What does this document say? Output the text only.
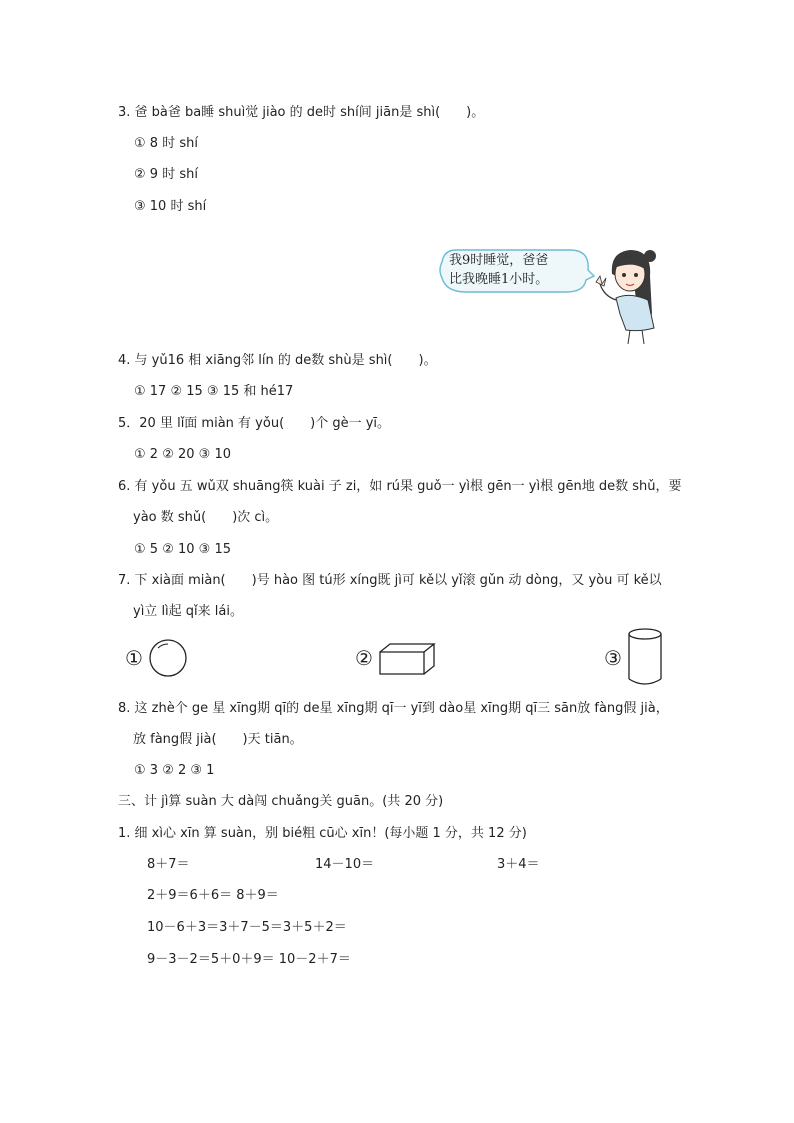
3. 爸 bà爸 ba睡 shuì觉 jiào 的 de时 shí间 jiān是 shì(　　)。
① 8 时 shí
② 9 时 shí
③ 10 时 shí
我9时睡觉，爸爸
比我晚睡1小时。
4. 与 yǔ16 相 xiāng邻 lín 的 de数 shù是 shì(　　)。
① 17 ② 15 ③ 15 和 hé17
5．20 里 lǐ面 miàn 有 yǒu(　　)个 gè一 yī。
① 2 ② 20 ③ 10
6. 有 yǒu 五 wǔ双 shuāng筷 kuài 子 zi，如 rú果 guǒ一 yì根 gēn一 yì根 gēn地 de数 shǔ，要
yào 数 shǔ(　　)次 cì。
① 5 ② 10 ③ 15
7. 下 xià面 miàn(　　)号 hào 图 tú形 xíng既 jì可 kě以 yǐ滚 gǔn 动 dòng，又 yòu 可 kě以
yì立 lì起 qǐ来 lái。
①	②	③
8. 这 zhè个 ge 星 xīng期 qī的 de星 xīng期 qī一 yī到 dào星 xīng期 qī三 sān放 fàng假 jià，
放 fàng假 jià(　　)天 tiān。
① 3 ② 2 ③ 1
三、计 jì算 suàn 大 dà闯 chuǎng关 guān。(共 20 分)
1. 细 xì心 xīn 算 suàn，别 bié粗 cū心 xīn！(每小题 1 分，共 12 分)
8＋7＝	14－10＝	3＋4＝
2＋9＝6＋6＝ 8＋9＝
10－6＋3＝3＋7－5＝3＋5＋2＝
9－3－2＝5＋0＋9＝ 10－2＋7＝
